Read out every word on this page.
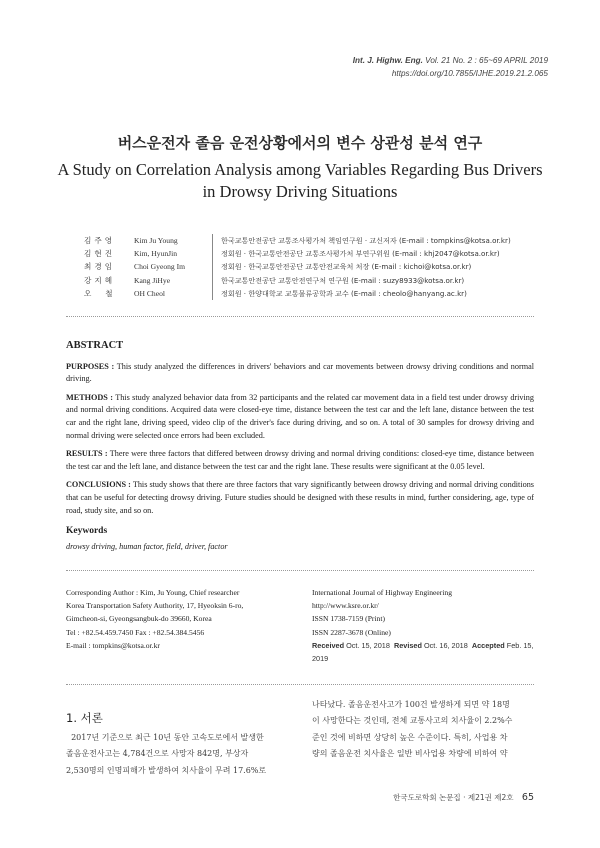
Int. J. Highw. Eng. Vol. 21 No. 2 : 65~69 APRIL 2019
https://doi.org/10.7855/IJHE.2019.21.2.065
버스운전자 졸음 운전상황에서의 변수 상관성 분석 연구
A Study on Correlation Analysis among Variables Regarding Bus Drivers
in Drowsy Driving Situations
김 주 영	Kim Ju Young	한국교통안전공단 교통조사평가처 책임연구원 · 교신저자 (E-mail : tompkins@kotsa.or.kr)
김 현 진	Kim, HyunJin	정회원 · 한국교통안전공단 교통조사평가처 부연구위원 (E-mail : khj2047@kotsa.or.kr)
최 경 임	Choi Gyeong Im	정회원 · 한국교통안전공단 교통안전교육처 처장 (E-mail : kichoi@kotsa.or.kr)
강 지 혜	Kang JiHye	한국교통안전공단 교통안전연구처 연구원 (E-mail : suzy8933@kotsa.or.kr)
오     철	OH Cheol	정회원 · 한양대학교 교통물류공학과 교수 (E-mail : cheolo@hanyang.ac.kr)
ABSTRACT

PURPOSES : This study analyzed the differences in drivers' behaviors and car movements between drowsy driving conditions and normal driving.

METHODS : This study analyzed behavior data from 32 participants and the related car movement data in a field test under drowsy driving and normal driving conditions. Acquired data were closed-eye time, distance between the test car and the left lane, distance between the test car and the right lane, driving speed, video clip of the driver's face during driving, and so on. A total of 30 samples for drowsy driving and normal driving were selected once errors had been excluded.

RESULTS : There were three factors that differed between drowsy driving and normal driving conditions: closed-eye time, distance between the test car and the left lane, and distance between the test car and the right lane. These results were significant at the 0.05 level.

CONCLUSIONS : This study shows that there are three factors that vary significantly between drowsy driving and normal driving conditions that can be useful for detecting drowsy driving. Future studies should be designed with these results in mind, further considering, age, type of road, study site, and so on.

Keywords
drowsy driving, human factor, field, driver, factor
Corresponding Author : Kim, Ju Young, Chief researcher
Korea Transportation Safety Authority, 17, Hyeoksin 6-ro,
Gimcheon-si, Gyeongsangbuk-do 39660, Korea
Tel : +82.54.459.7450 Fax : +82.54.384.5456
E-mail : tompkins@kotsa.or.kr
International Journal of Highway Engineering
http://www.ksre.or.kr/
ISSN 1738-7159 (Print)
ISSN 2287-3678 (Online)
Received Oct. 15, 2018 Revised Oct. 16, 2018 Accepted Feb. 15, 2019
1. 서론
2017년 기준으로 최근 10년 동안 고속도로에서 발생한
졸음운전사고는 4,784건으로 사망자 842명, 부상자
2,530명의 인명피해가 발생하여 치사율이 무려 17.6%로
나타났다. 졸음운전사고가 100건 발생하게 되면 약 18명
이 사망한다는 것인데, 전체 교통사고의 치사율이 2.2%수
준인 것에 비하면 상당히 높은 수준이다. 특히, 사업용 차
량의 졸음운전 치사율은 일반 비사업용 차량에 비하여 약
한국도로학회 논문집 · 제21권 제2호 65
